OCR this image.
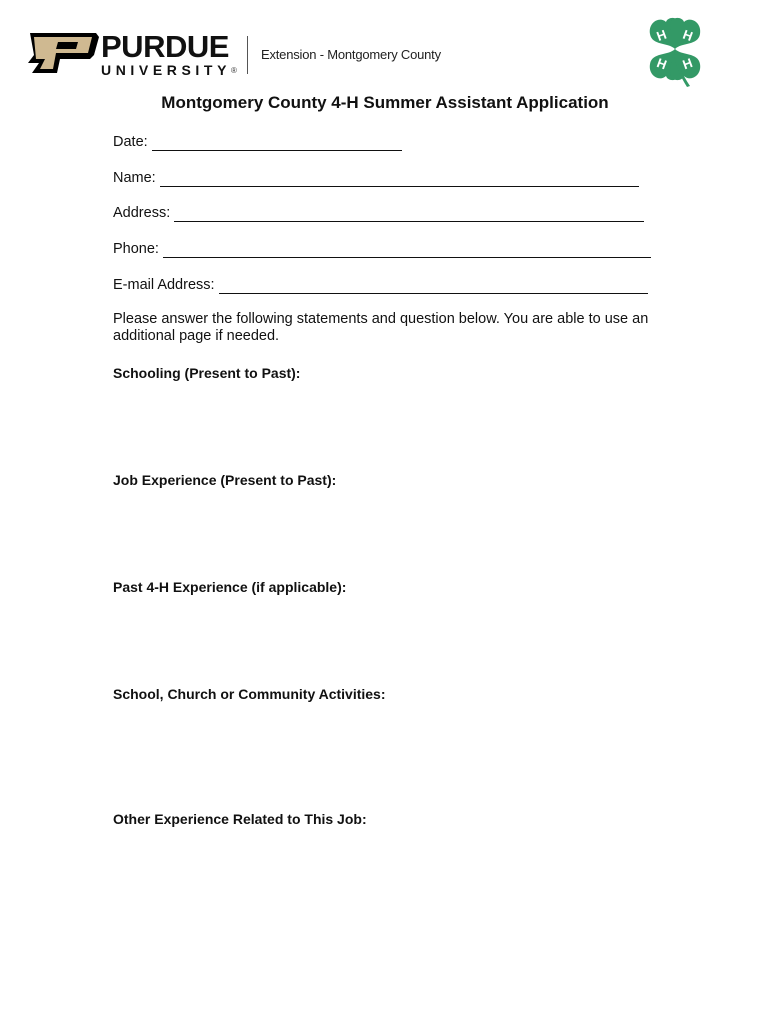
PURDUE
UNIVERSITY ®
Extension - Montgomery County
H H
H H
Montgomery County 4-H Summer Assistant Application
Date:
Name:
Address:
Phone:
E-mail Address:
Please answer the following statements and question below. You are able to use an additional page if needed.
Schooling (Present to Past):
Job Experience (Present to Past):
Past 4-H Experience (if applicable):
School, Church or Community Activities:
Other Experience Related to This Job:
